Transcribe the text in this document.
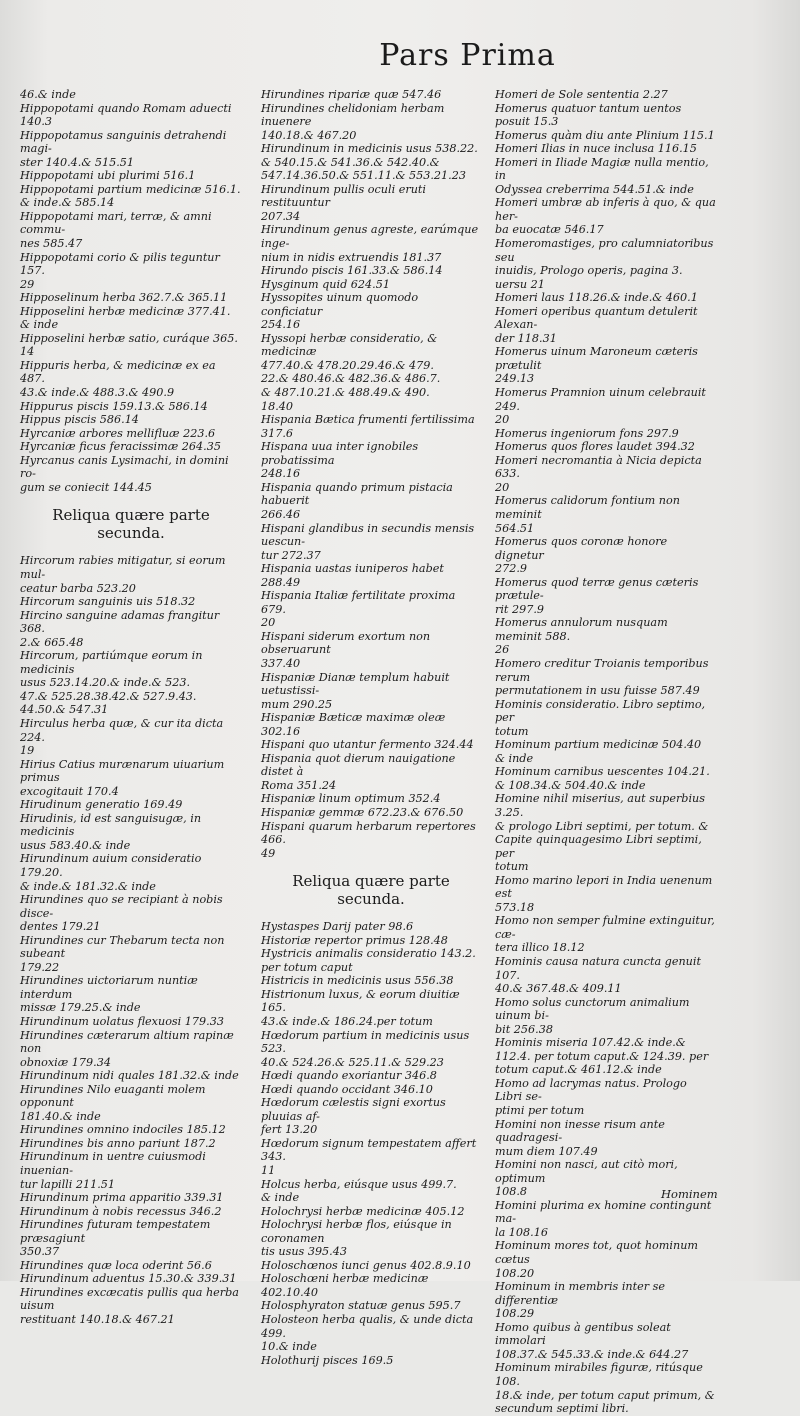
Pars Prima

46.& inde

Hippopotami quando Romam aduecti

140.3

Hippopotamus sanguinis detrahendi magi-

ster 140.4.& 515.51

Hippopotami ubi plurimi 516.1

Hippopotami partium medicinæ 516.1.

& inde.& 585.14

Hippopotami mari, terræ, & amni commu-

nes 585.47

Hippopotami corio & pilis teguntur 157.

29

Hipposelinum herba 362.7.& 365.11

Hipposelini herbæ medicinæ 377.41.

& inde

Hipposelini herbæ satio, curáque 365.

14

Hippuris herba, & medicinæ ex ea 487.

43.& inde.& 488.3.& 490.9

Hippurus piscis 159.13.& 586.14

Hippus piscis 586.14

Hyrcaniæ arbores mellifluæ 223.6

Hyrcaniæ ficus feracissimæ 264.35

Hyrcanus canis Lysimachi, in domini ro-

gum se coniecit 144.45

Reliqua quære parte secunda.

Hircorum rabies mitigatur, si eorum mul-

ceatur barba 523.20

Hircorum sanguinis uis 518.32

Hircino sanguine adamas frangitur 368.

2.& 665.48

Hircorum, partiúmque eorum in medicinis

usus 523.14.20.& inde.& 523.

47.& 525.28.38.42.& 527.9.43.

44.50.& 547.31

Hirculus herba quæ, & cur ita dicta 224.

19

Hirius Catius murænarum uiuarium primus

excogitauit 170.4

Hirudinum generatio 169.49

Hirudinis, id est sanguisugæ, in medicinis

usus 583.40.& inde

Hirundinum auium consideratio 179.20.

& inde.& 181.32.& inde

Hirundines quo se recipiant à nobis disce-

dentes 179.21

Hirundines cur Thebarum tecta non subeant

179.22

Hirundines uictoriarum nuntiæ interdum

missæ 179.25.& inde

Hirundinum uolatus flexuosi 179.33

Hirundines cæterarum altium rapinæ non

obnoxiæ 179.34

Hirundinum nidi quales 181.32.& inde

Hirundines Nilo euaganti molem opponunt

181.40.& inde

Hirundines omnino indociles 185.12

Hirundines bis anno pariunt 187.2

Hirundinum in uentre cuiusmodi inuenian-

tur lapilli 211.51

Hirundinum prima apparitio 339.31

Hirundinum à nobis recessus 346.2

Hirundines futuram tempestatem præsagiunt

350.37

Hirundines quæ loca oderint 56.6

Hirundinum aduentus 15.30.& 339.31

Hirundines excæcatis pullis qua herba uisum

restituant 140.18.& 467.21

Hirundines ripariæ quæ 547.46

Hirundines chelidoniam herbam inuenere

140.18.& 467.20

Hirundinum in medicinis usus 538.22.

& 540.15.& 541.36.& 542.40.&

547.14.36.50.& 551.11.& 553.21.23

Hirundinum pullis oculi eruti restituuntur

207.34

Hirundinum genus agreste, earúmque inge-

nium in nidis extruendis 181.37

Hirundo piscis 161.33.& 586.14

Hysginum quid 624.51

Hyssopites uinum quomodo conficiatur

254.16

Hyssopi herbæ consideratio, & medicinæ

477.40.& 478.20.29.46.& 479.

22.& 480.46.& 482.36.& 486.7.

& 487.10.21.& 488.49.& 490.

18.40

Hispania Bætica frumenti fertilissima 317.6

Hispana uua inter ignobiles probatissima

248.16

Hispania quando primum pistacia habuerit

266.46

Hispani glandibus in secundis mensis uescun-

tur 272.37

Hispania uastas iuniperos habet 288.49

Hispania Italiæ fertilitate proxima 679.

20

Hispani siderum exortum non obseruarunt

337.40

Hispaniæ Dianæ templum habuit uetustissi-

mum 290.25

Hispaniæ Bæticæ maximæ oleæ 302.16

Hispani quo utantur fermento 324.44

Hispania quot dierum nauigatione distet à

Roma 351.24

Hispaniæ linum optimum 352.4

Hispaniæ gemmæ 672.23.& 676.50

Hispani quarum herbarum repertores 466.

49

Reliqua quære parte secunda.

Hystaspes Darij pater 98.6

Historiæ repertor primus 128.48

Hystricis animalis consideratio 143.2.

per totum caput

Histricis in medicinis usus 556.38

Histrionum luxus, & eorum diuitiæ 165.

43.& inde.& 186.24.per totum

Hœdorum partium in medicinis usus 523.

40.& 524.26.& 525.11.& 529.23

Hœdi quando exoriantur 346.8

Hœdi quando occidant 346.10

Hœdorum cælestis signi exortus pluuias af-

fert 13.20

Hœdorum signum tempestatem affert 343.

11

Holcus herba, eiúsque usus 499.7.

& inde

Holochrysi herbæ medicinæ 405.12

Holochrysi herbæ flos, eiúsque in coronamen

tis usus 395.43

Holoschœnos iunci genus 402.8.9.10

Holoschœni herbæ medicinæ 402.10.40

Holosphyraton statuæ genus 595.7

Holosteon herba qualis, & unde dicta 499.

10.& inde

Holothurij pisces 169.5

Homeri de Sole sententia 2.27

Homerus quatuor tantum uentos posuit 15.3

Homerus quàm diu ante Plinium 115.1

Homeri Ilias in nuce inclusa 116.15

Homeri in Iliade Magiæ nulla mentio, in

Odyssea creberrima 544.51.& inde

Homeri umbræ ab inferis à quo, & qua her-

ba euocatæ 546.17

Homeromastiges, pro calumniatoribus seu

inuidis, Prologo operis, pagina 3.

uersu 21

Homeri laus 118.26.& inde.& 460.1

Homeri operibus quantum detulerit Alexan-

der 118.31

Homerus uinum Maroneum cæteris prætulit

249.13

Homerus Pramnion uinum celebrauit 249.

20

Homerus ingeniorum fons 297.9

Homerus quos flores laudet 394.32

Homeri necromantia à Nicia depicta 633.

20

Homerus calidorum fontium non meminit

564.51

Homerus quos coronæ honore dignetur

272.9

Homerus quod terræ genus cæteris prætule-

rit 297.9

Homerus annulorum nusquam meminit 588.

26

Homero creditur Troianis temporibus rerum

permutationem in usu fuisse 587.49

Hominis consideratio. Libro septimo, per

totum

Hominum partium medicinæ 504.40

& inde

Hominum carnibus uescentes 104.21.

& 108.34.& 504.40.& inde

Homine nihil miserius, aut superbius 3.25.

& prologo Libri septimi, per totum. &

Capite quinquagesimo Libri septimi, per

totum

Homo marino lepori in India uenenum est

573.18

Homo non semper fulmine extinguitur, cæ-

tera illico 18.12

Hominis causa natura cuncta genuit 107.

40.& 367.48.& 409.11

Homo solus cunctorum animalium uinum bi-

bit 256.38

Hominis miseria 107.42.& inde.&

112.4. per totum caput.& 124.39. per

totum caput.& 461.12.& inde

Homo ad lacrymas natus. Prologo Libri se-

ptimi per totum

Homini non inesse risum ante quadragesi-

mum diem 107.49

Homini non nasci, aut citò mori, optimum

108.8

Homini plurima ex homine contingunt ma-

la 108.16

Hominum mores tot, quot hominum cœtus

108.20

Hominum in membris inter se differentiæ

108.29

Homo quibus à gentibus soleat immolari

108.37.& 545.33.& inde.& 644.27

Hominum mirabiles figuræ, ritúsque 108.

18.& inde, per totum caput primum, &

secundum septimi libri.

Hominem
